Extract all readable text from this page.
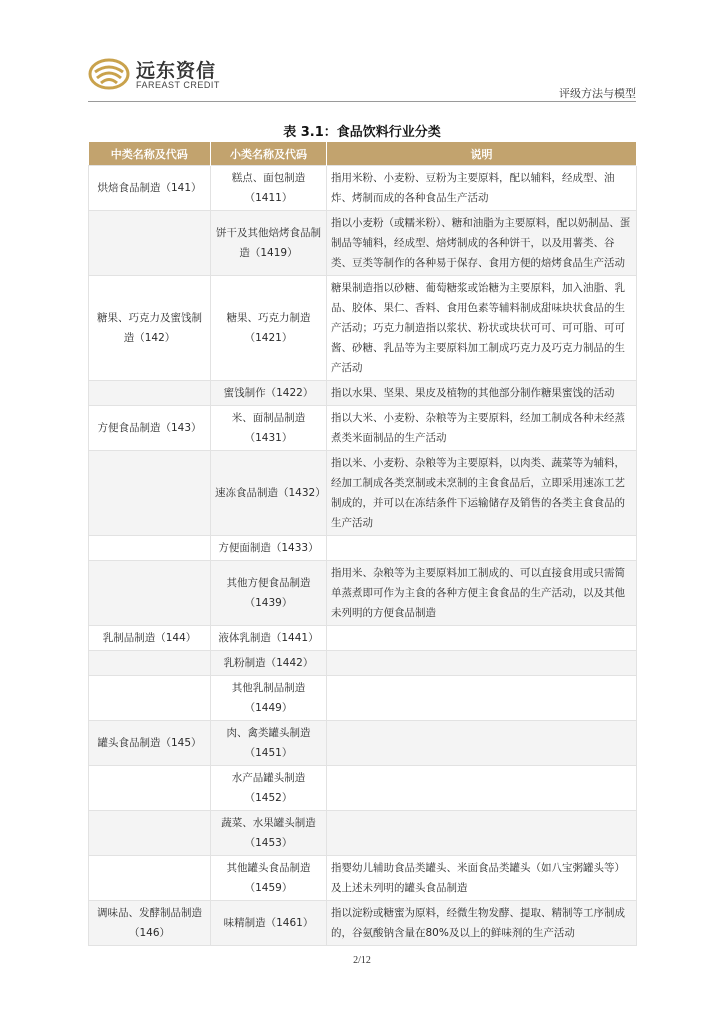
远东资信
FAREAST CREDIT
评级方法与模型
表 3.1：食品饮料行业分类
中类名称及代码	小类名称及代码	说明
烘焙食品制造（141）	糕点、面包制造（1411）	指用米粉、小麦粉、豆粉为主要原料，配以辅料，经成型、油炸、烤制而成的各种食品生产活动
	饼干及其他焙烤食品制造（1419）	指以小麦粉（或糯米粉）、糖和油脂为主要原料，配以奶制品、蛋制品等辅料，经成型、焙烤制成的各种饼干，以及用薯类、谷类、豆类等制作的各种易于保存、食用方便的焙烤食品生产活动
糖果、巧克力及蜜饯制造（142）	糖果、巧克力制造（1421）	糖果制造指以砂糖、葡萄糖浆或饴糖为主要原料，加入油脂、乳品、胶体、果仁、香料、食用色素等辅料制成甜味块状食品的生产活动；巧克力制造指以浆状、粉状或块状可可、可可脂、可可酱、砂糖、乳品等为主要原料加工制成巧克力及巧克力制品的生产活动
	蜜饯制作（1422）	指以水果、坚果、果皮及植物的其他部分制作糖果蜜饯的活动
方便食品制造（143）	米、面制品制造（1431）	指以大米、小麦粉、杂粮等为主要原料，经加工制成各种未经蒸煮类米面制品的生产活动
	速冻食品制造（1432）	指以米、小麦粉、杂粮等为主要原料，以肉类、蔬菜等为辅料，经加工制成各类烹制或未烹制的主食食品后，立即采用速冻工艺制成的，并可以在冻结条件下运输储存及销售的各类主食食品的生产活动
	方便面制造（1433）	
	其他方便食品制造（1439）	指用米、杂粮等为主要原料加工制成的、可以直接食用或只需简单蒸煮即可作为主食的各种方便主食食品的生产活动，以及其他未列明的方便食品制造
乳制品制造（144）	液体乳制造（1441）	
	乳粉制造（1442）	
	其他乳制品制造（1449）	
罐头食品制造（145）	肉、禽类罐头制造（1451）	
	水产品罐头制造（1452）	
	蔬菜、水果罐头制造（1453）	
	其他罐头食品制造（1459）	指婴幼儿辅助食品类罐头、米面食品类罐头（如八宝粥罐头等）及上述未列明的罐头食品制造
调味品、发酵制品制造（146）	味精制造（1461）	指以淀粉或糖蜜为原料，经微生物发酵、提取、精制等工序制成的，谷氨酸钠含量在80%及以上的鲜味剂的生产活动
2/12
